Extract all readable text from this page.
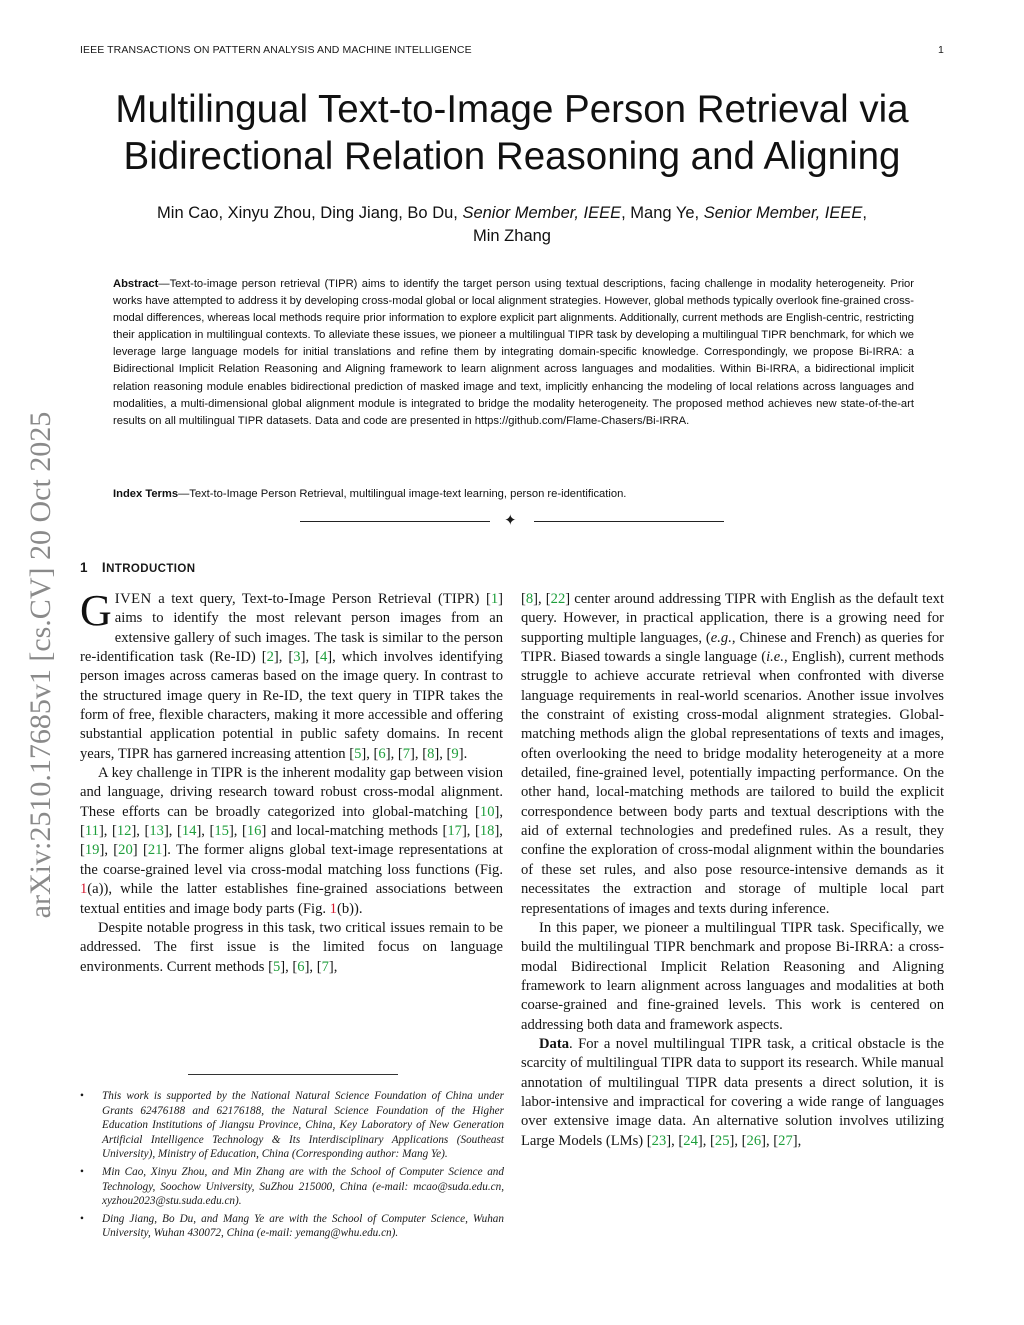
IEEE TRANSACTIONS ON PATTERN ANALYSIS AND MACHINE INTELLIGENCE	1
arXiv:2510.17685v1 [cs.CV] 20 Oct 2025
Multilingual Text-to-Image Person Retrieval via
Bidirectional Relation Reasoning and Aligning
Min Cao, Xinyu Zhou, Ding Jiang, Bo Du, Senior Member, IEEE, Mang Ye, Senior Member, IEEE,
Min Zhang
Abstract—Text-to-image person retrieval (TIPR) aims to identify the target person using textual descriptions, facing challenge in modality heterogeneity. Prior works have attempted to address it by developing cross-modal global or local alignment strategies. However, global methods typically overlook fine-grained cross-modal differences, whereas local methods require prior information to explore explicit part alignments. Additionally, current methods are English-centric, restricting their application in multilingual contexts. To alleviate these issues, we pioneer a multilingual TIPR task by developing a multilingual TIPR benchmark, for which we leverage large language models for initial translations and refine them by integrating domain-specific knowledge. Correspondingly, we propose Bi-IRRA: a Bidirectional Implicit Relation Reasoning and Aligning framework to learn alignment across languages and modalities. Within Bi-IRRA, a bidirectional implicit relation reasoning module enables bidirectional prediction of masked image and text, implicitly enhancing the modeling of local relations across languages and modalities, a multi-dimensional global alignment module is integrated to bridge the modality heterogeneity. The proposed method achieves new state-of-the-art results on all multilingual TIPR datasets. Data and code are presented in https://github.com/Flame-Chasers/Bi-IRRA.
Index Terms—Text-to-Image Person Retrieval, multilingual image-text learning, person re-identification.
✦
1 INTRODUCTION

GIVEN a text query, Text-to-Image Person Retrieval (TIPR) [1] aims to identify the most relevant person images from an extensive gallery of such images. The task is similar to the person re-identification task (Re-ID) [2], [3], [4], which involves identifying person images across cameras based on the image query. In contrast to the structured image query in Re-ID, the text query in TIPR takes the form of free, flexible characters, making it more accessible and offering substantial application potential in public safety domains. In recent years, TIPR has garnered increasing attention [5], [6], [7], [8], [9].

A key challenge in TIPR is the inherent modality gap between vision and language, driving research toward robust cross-modal alignment. These efforts can be broadly categorized into global-matching [10], [11], [12], [13], [14], [15], [16] and local-matching methods [17], [18], [19], [20] [21]. The former aligns global text-image representations at the coarse-grained level via cross-modal matching loss functions (Fig. 1(a)), while the latter establishes fine-grained associations between textual entities and image body parts (Fig. 1(b)).

Despite notable progress in this task, two critical issues remain to be addressed. The first issue is the limited focus on language environments. Current methods [5], [6], [7],

[8], [22] center around addressing TIPR with English as the default text query. However, in practical application, there is a growing need for supporting multiple languages, (e.g., Chinese and French) as queries for TIPR. Biased towards a single language (i.e., English), current methods struggle to achieve accurate retrieval when confronted with diverse language requirements in real-world scenarios. Another issue involves the constraint of existing cross-modal alignment strategies. Global-matching methods align the global representations of texts and images, often overlooking the need to bridge modality heterogeneity at a more detailed, fine-grained level, potentially impacting performance. On the other hand, local-matching methods are tailored to build the explicit correspondence between body parts and textual descriptions with the aid of external technologies and predefined rules. As a result, they confine the exploration of cross-modal alignment within the boundaries of these set rules, and also pose resource-intensive demands as it necessitates the extraction and storage of multiple local part representations of images and texts during inference.

In this paper, we pioneer a multilingual TIPR task. Specifically, we build the multilingual TIPR benchmark and propose Bi-IRRA: a cross-modal Bidirectional Implicit Relation Reasoning and Aligning framework to learn alignment across languages and modalities at both coarse-grained and fine-grained levels. This work is centered on addressing both data and framework aspects.

Data. For a novel multilingual TIPR task, a critical obstacle is the scarcity of multilingual TIPR data to support its research. While manual annotation of multilingual TIPR data presents a direct solution, it is labor-intensive and impractical for covering a wide range of languages over extensive image data. An alternative solution involves utilizing Large Models (LMs) [23], [24], [25], [26], [27],

• This work is supported by the National Natural Science Foundation of China under Grants 62476188 and 62176188, the Natural Science Foundation of the Higher Education Institutions of Jiangsu Province, China, Key Laboratory of New Generation Artificial Intelligence Technology & Its Interdisciplinary Applications (Southeast University), Ministry of Education, China (Corresponding author: Mang Ye).
• Min Cao, Xinyu Zhou, and Min Zhang are with the School of Computer Science and Technology, Soochow University, SuZhou 215000, China (e-mail: mcao@suda.edu.cn, xyzhou2023@stu.suda.edu.cn).
• Ding Jiang, Bo Du, and Mang Ye are with the School of Computer Science, Wuhan University, Wuhan 430072, China (e-mail: yemang@whu.edu.cn).
